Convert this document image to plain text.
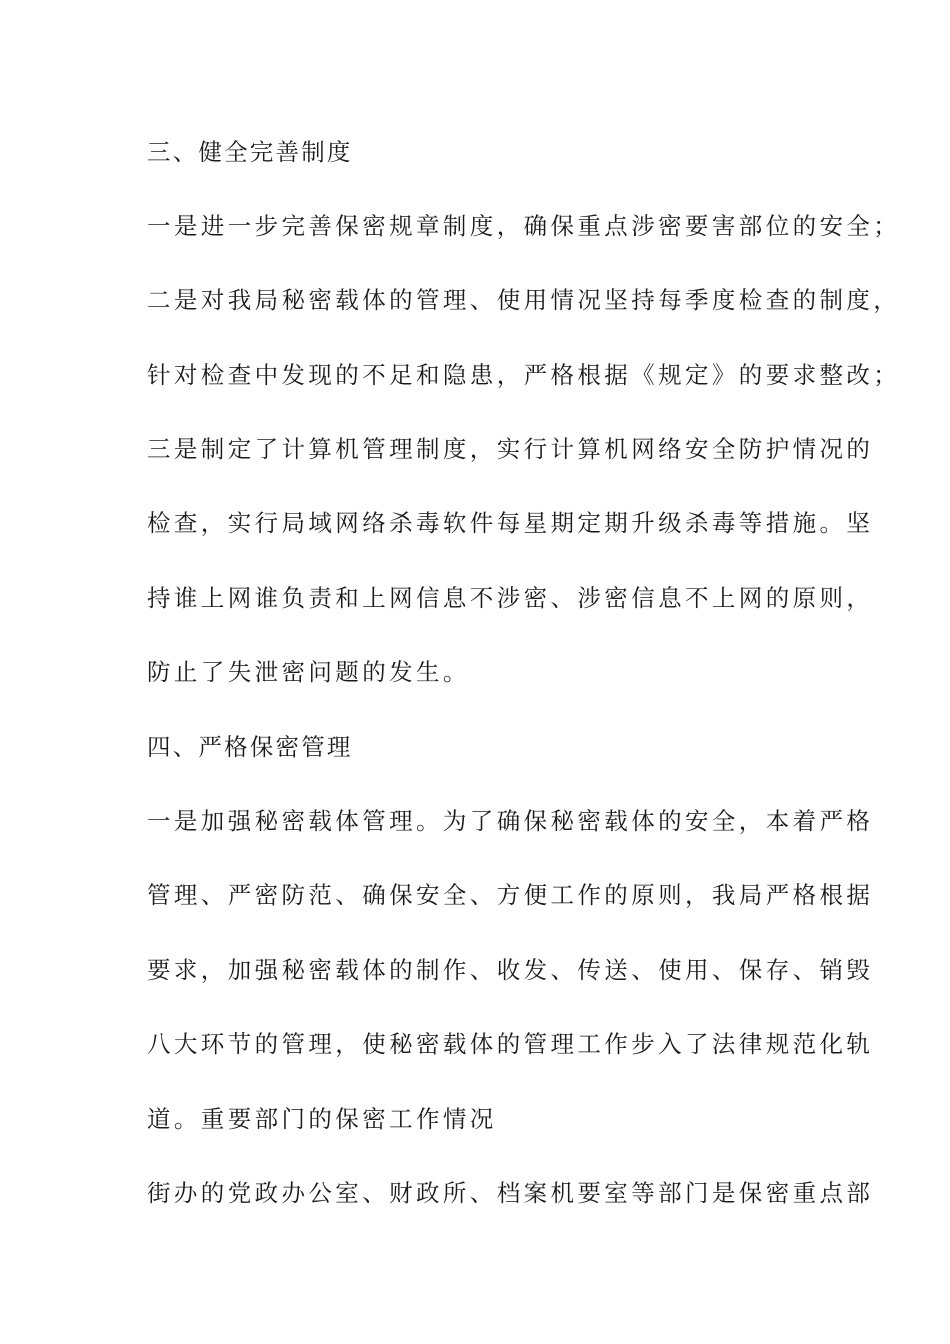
三、健全完善制度
一是进一步完善保密规章制度，确保重点涉密要害部位的安全；
二是对我局秘密载体的管理、使用情况坚持每季度检查的制度，
针对检查中发现的不足和隐患，严格根据《规定》的要求整改；
三是制定了计算机管理制度，实行计算机网络安全防护情况的
检查，实行局域网络杀毒软件每星期定期升级杀毒等措施。坚
持谁上网谁负责和上网信息不涉密、涉密信息不上网的原则，
防止了失泄密问题的发生。
四、严格保密管理
一是加强秘密载体管理。为了确保秘密载体的安全，本着严格
管理、严密防范、确保安全、方便工作的原则，我局严格根据
要求，加强秘密载体的制作、收发、传送、使用、保存、销毁
八大环节的管理，使秘密载体的管理工作步入了法律规范化轨
道。重要部门的保密工作情况
街办的党政办公室、财政所、档案机要室等部门是保密重点部
